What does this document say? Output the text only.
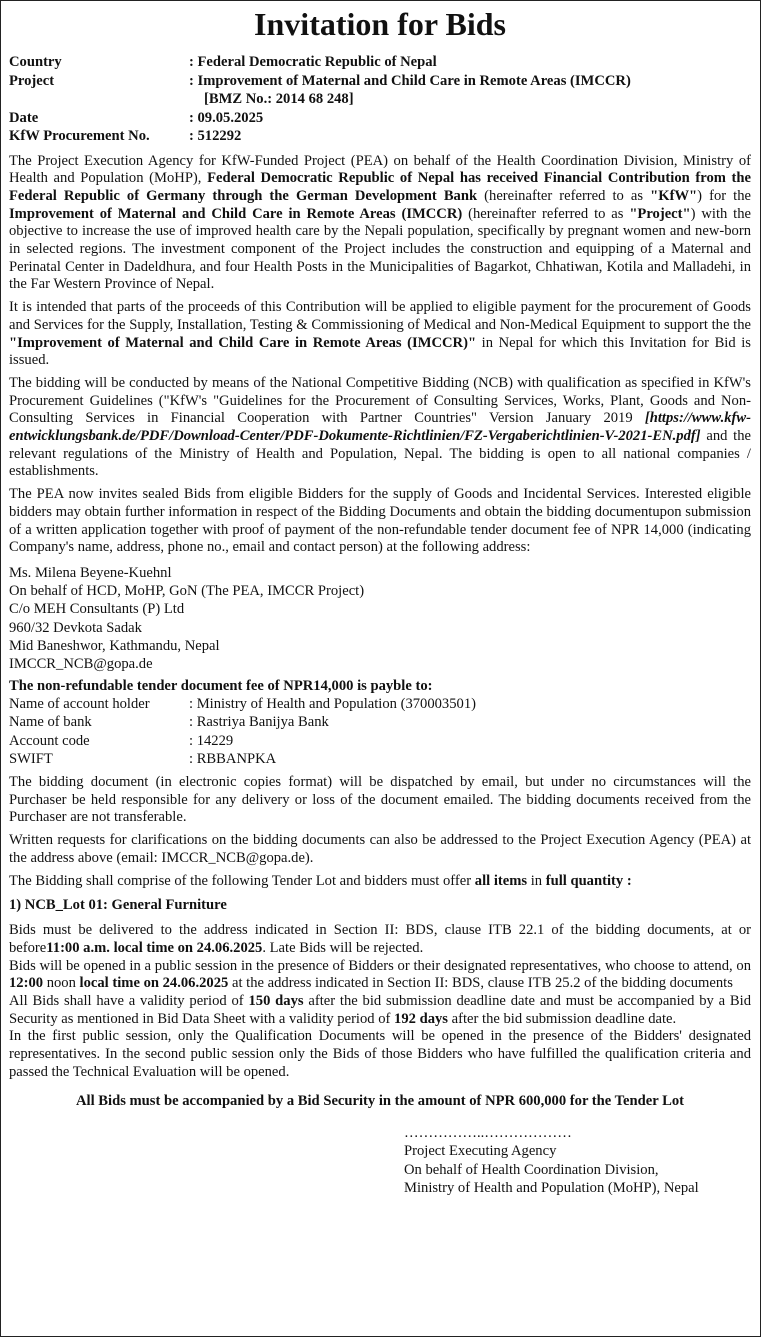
Invitation for Bids
Country	: Federal Democratic Republic of Nepal
Project	: Improvement of Maternal and Child Care in Remote Areas (IMCCR)
[BMZ No.: 2014 68 248]
Date	: 09.05.2025
KfW Procurement No.	: 512292

The Project Execution Agency for KfW-Funded Project (PEA) on behalf of the Health Coordination Division, Ministry of Health and Population (MoHP), Federal Democratic Republic of Nepal has received Financial Contribution from the Federal Republic of Germany through the German Development Bank (hereinafter referred to as "KfW") for the Improvement of Maternal and Child Care in Remote Areas (IMCCR) (hereinafter referred to as "Project") with the objective to increase the use of improved health care by the Nepali population, specifically by pregnant women and new-born in selected regions. The investment component of the Project includes the construction and equipping of a Maternal and Perinatal Center in Dadeldhura, and four Health Posts in the Municipalities of Bagarkot, Chhatiwan, Kotila and Malladehi, in the Far Western Province of Nepal.

It is intended that parts of the proceeds of this Contribution will be applied to eligible payment for the procurement of Goods and Services for the Supply, Installation, Testing & Commissioning of Medical and Non-Medical Equipment to support the the "Improvement of Maternal and Child Care in Remote Areas (IMCCR)" in Nepal for which this Invitation for Bid is issued.

The bidding will be conducted by means of the National Competitive Bidding (NCB) with qualification as specified in KfW's Procurement Guidelines ("KfW's "Guidelines for the Procurement of Consulting Services, Works, Plant, Goods and Non-Consulting Services in Financial Cooperation with Partner Countries" Version January 2019 [https://www.kfw-entwicklungsbank.de/PDF/Download-Center/PDF-Dokumente-Richtlinien/FZ-Vergaberichtlinien-V-2021-EN.pdf] and the relevant regulations of the Ministry of Health and Population, Nepal. The bidding is open to all national companies / establishments.

The PEA now invites sealed Bids from eligible Bidders for the supply of Goods and Incidental Services. Interested eligible bidders may obtain further information in respect of the Bidding Documents and obtain the bidding documentupon submission of a written application together with proof of payment of the non-refundable tender document fee of NPR 14,000 (indicating Company's name, address, phone no., email and contact person) at the following address:

Ms. Milena Beyene-Kuehnl
On behalf of HCD, MoHP, GoN (The PEA, IMCCR Project)
C/o MEH Consultants (P) Ltd
960/32 Devkota Sadak
Mid Baneshwor, Kathmandu, Nepal
IMCCR_NCB@gopa.de
The non-refundable tender document fee of NPR14,000 is payble to:
Name of account holder	: Ministry of Health and Population (370003501)
Name of bank	: Rastriya Banijya Bank
Account code	: 14229
SWIFT	: RBBANPKA

The bidding document (in electronic copies format) will be dispatched by email, but under no circumstances will the Purchaser be held responsible for any delivery or loss of the document emailed. The bidding documents received from the Purchaser are not transferable.

Written requests for clarifications on the bidding documents can also be addressed to the Project Execution Agency (PEA) at the address above (email: IMCCR_NCB@gopa.de).

The Bidding shall comprise of the following Tender Lot and bidders must offer all items in full quantity :

1) NCB_Lot 01: General Furniture

Bids must be delivered to the address indicated in Section II: BDS, clause ITB 22.1 of the bidding documents, at or before11:00 a.m. local time on 24.06.2025. Late Bids will be rejected.

Bids will be opened in a public session in the presence of Bidders or their designated representatives, who choose to attend, on 12:00 noon local time on 24.06.2025 at the address indicated in Section II: BDS, clause ITB 25.2 of the bidding documents

All Bids shall have a validity period of 150 days after the bid submission deadline date and must be accompanied by a Bid Security as mentioned in Bid Data Sheet with a validity period of 192 days after the bid submission deadline date.

In the first public session, only the Qualification Documents will be opened in the presence of the Bidders' designated representatives. In the second public session only the Bids of those Bidders who have fulfilled the qualification criteria and passed the Technical Evaluation will be opened.

All Bids must be accompanied by a Bid Security in the amount of NPR 600,000 for the Tender Lot
……………..………………
Project Executing Agency
On behalf of Health Coordination Division,
Ministry of Health and Population (MoHP), Nepal
